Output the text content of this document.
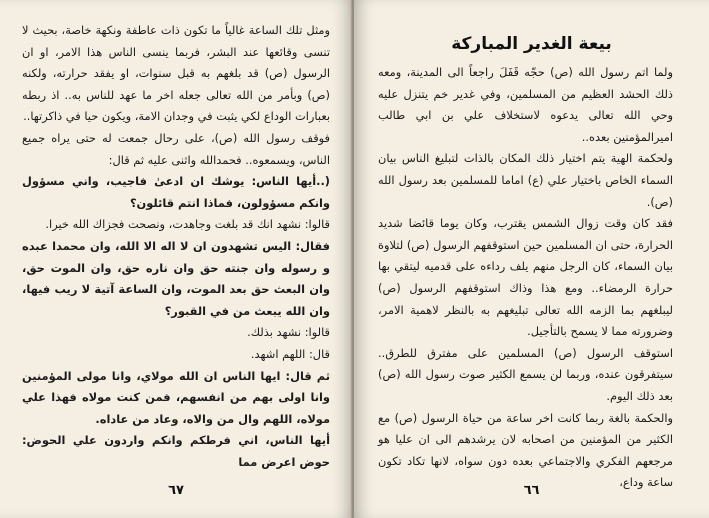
ومثل تلك الساعة غالياً ما تكون ذات عاطفة ونكهة خاصة، بحيث لا تنسى وقائعها عند البشر، فربما ينسى الناس هذا الامر، او ان الرسول (ص) قد بلغهم به قبل سنوات، او يفقد حرارته، ولكنه (ص) وبأمر من الله تعالى جعله اخر ما عهد للناس به.. اذ ربطه بعبارات الوداع لكي يثبت في وجدان الامة، ويكون حيا في ذاكرتها..

فوقف رسول الله (ص)، على رحال جمعت له حتى يراه جميع الناس، ويسمعوه.. فحمدالله واثنى عليه ثم قال:

(..أيها الناس: يوشك ان ادعىٰ فاجيب، واني مسؤول وانكم مسؤولون، فماذا انتم قائلون؟

قالوا: نشهد انك قد بلغت وجاهدت، ونصحت فجزاك الله خيرا.

فقال: اليس تشهدون ان لا اله الا الله، وان محمدا عبده و رسوله وان جنته حق وان ناره حق، وان الموت حق، وان البعث حق بعد الموت، وان الساعة آتية لا ريب فيها، وان الله يبعث من في القبور؟

قالوا: نشهد بذلك.

قال: اللهم اشهد.

ثم قال: ايها الناس ان الله مولاي، وانا مولى المؤمنين وانا اولى بهم من انفسهم، فمن كنت مولاه فهذا علي مولاه، اللهم وال من والاه، وعاد من عاداه.

أيها الناس، اني فرطكم وانكم واردون علي الحوض: حوض اعرض مما

٦٧
بيعة الغدير المباركة

ولما اتم رسول الله (ص) حجّه قَفَلَ راجعاً الى المدينة، ومعه ذلك الحشد العظيم من المسلمين، وفي غدير خم يتنزل عليه وحي الله تعالى يدعوه لاستخلاف علي بن ابي طالب اميرالمؤمنين بعده..

ولحكمة الهية يتم اختيار ذلك المكان بالذات لتبليغ الناس بيان السماء الخاص باختيار علي (ع) اماما للمسلمين بعد رسول الله (ص).

فقد كان وقت زوال الشمس يقترب، وكان يوما قائضا شديد الحرارة، حتى ان المسلمين حين استوقفهم الرسول (ص) لتلاوة بيان السماء، كان الرجل منهم يلف رداءه على قدميه ليتقي بها حرارة الرمضاء.. ومع هذا وذاك استوقفهم الرسول (ص) ليبلغهم بما الزمه الله تعالى تبليغهم به بالنظر لاهمية الامر، وضرورته مما لا يسمح بالتأجيل.

استوقف الرسول (ص) المسلمين على مفترق للطرق.. سيتفرقون عنده، وربما لن يسمع الكثير صوت رسول الله (ص) بعد ذلك اليوم.

والحكمة بالغة ربما كانت اخر ساعة من حياة الرسول (ص) مع الكثير من المؤمنين من اصحابه لان يرشدهم الى ان عليا هو مرجعهم الفكري والاجتماعي بعده دون سواه، لانها تكاد تكون ساعة وداع،

٦٦
